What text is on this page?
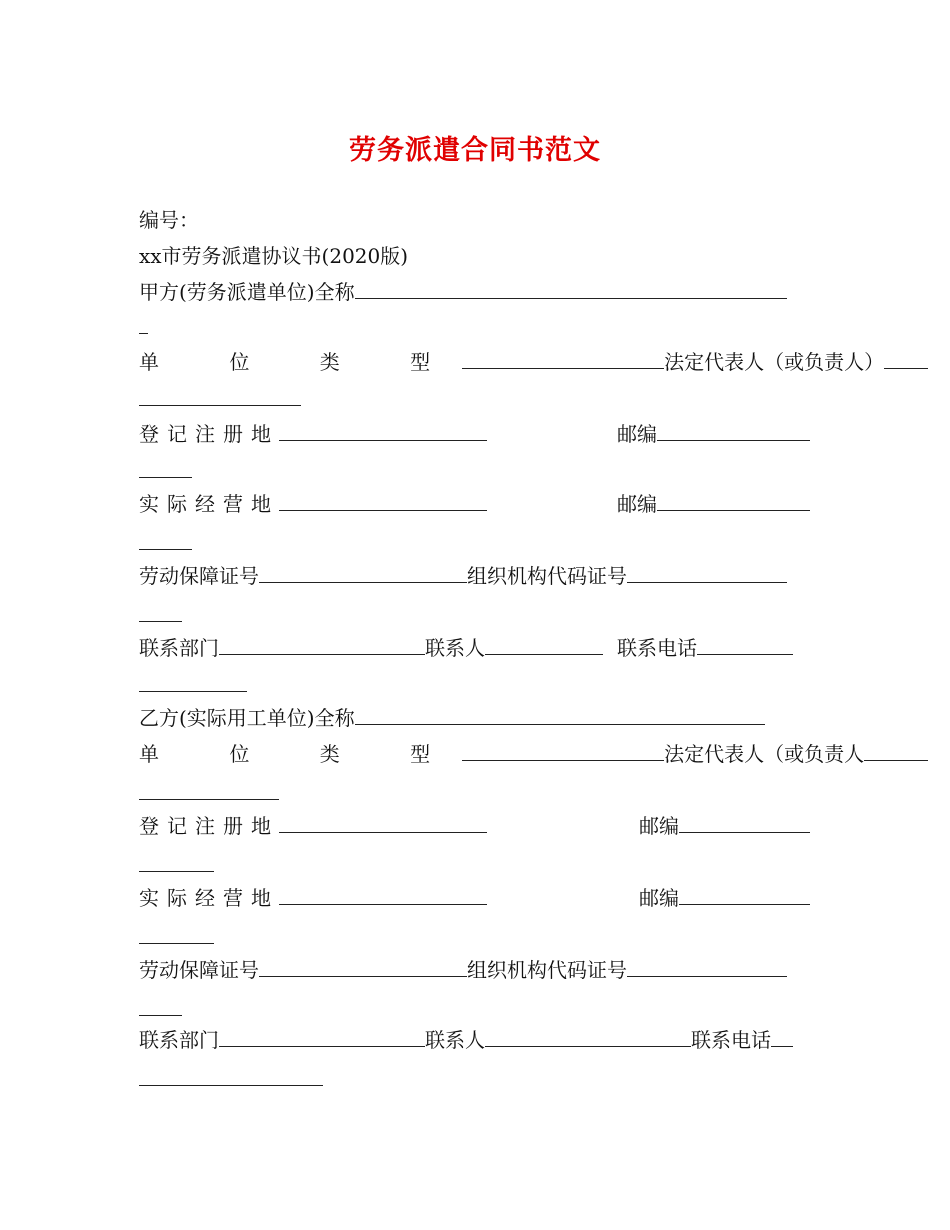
劳务派遣合同书范文
编号：
xx市劳务派遣协议书(2020版)
甲方(劳务派遣单位)全称
单 位 类 型	法定代表人（或负责人）
登记注册地	邮编
实际经营地	邮编
劳动保障证号	组织机构代码证号
联系部门	联系人	联系电话
乙方(实际用工单位)全称
单 位 类 型	法定代表人（或负责人
登记注册地	邮编
实际经营地	邮编
劳动保障证号	组织机构代码证号
联系部门	联系人	联系电话
